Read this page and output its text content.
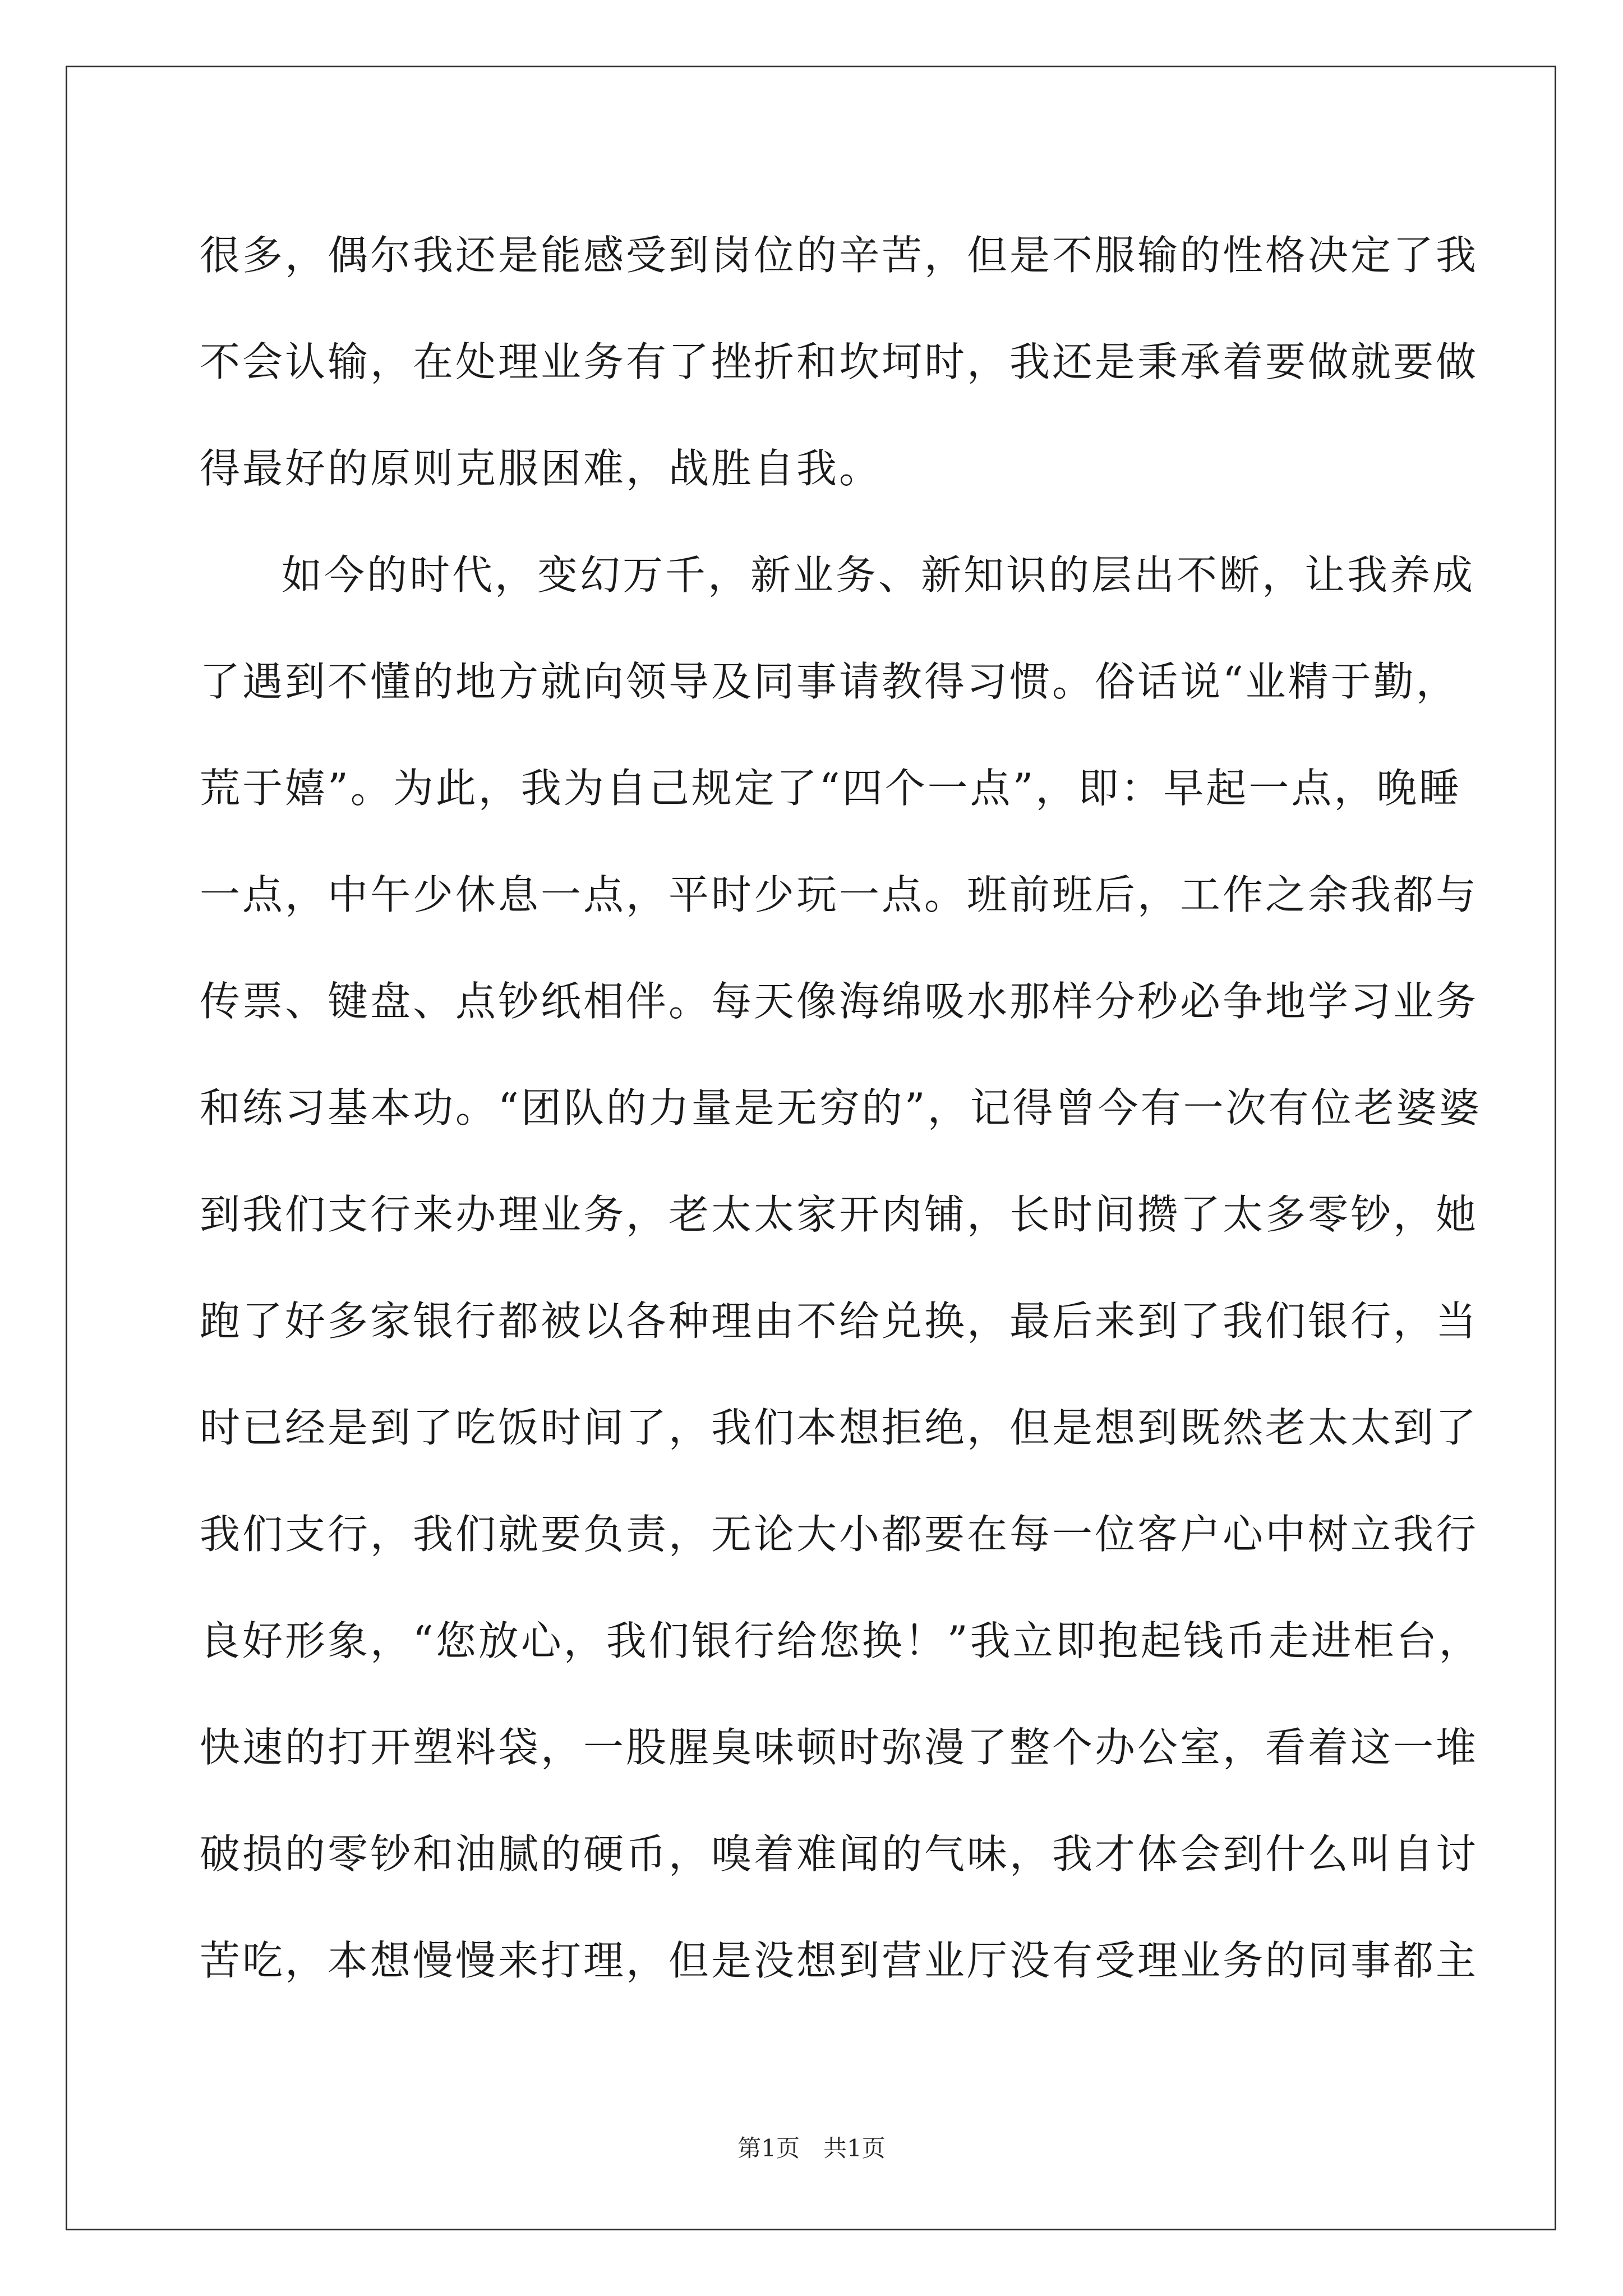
很多，偶尔我还是能感受到岗位的辛苦，但是不服输的性格决定了我
不会认输，在处理业务有了挫折和坎坷时，我还是秉承着要做就要做
得最好的原则克服困难，战胜自我。
如今的时代，变幻万千，新业务、新知识的层出不断，让我养成
了遇到不懂的地方就向领导及同事请教得习惯。俗话说“业精于勤，
荒于嬉”。为此，我为自己规定了“四个一点”，即：早起一点，晚睡
一点，中午少休息一点，平时少玩一点。班前班后，工作之余我都与
传票、键盘、点钞纸相伴。每天像海绵吸水那样分秒必争地学习业务
和练习基本功。“团队的力量是无穷的”，记得曾今有一次有位老婆婆
到我们支行来办理业务，老太太家开肉铺，长时间攒了太多零钞，她
跑了好多家银行都被以各种理由不给兑换，最后来到了我们银行，当
时已经是到了吃饭时间了，我们本想拒绝，但是想到既然老太太到了
我们支行，我们就要负责，无论大小都要在每一位客户心中树立我行
良好形象，“您放心，我们银行给您换！”我立即抱起钱币走进柜台，
快速的打开塑料袋，一股腥臭味顿时弥漫了整个办公室，看着这一堆
破损的零钞和油腻的硬币，嗅着难闻的气味，我才体会到什么叫自讨
苦吃，本想慢慢来打理，但是没想到营业厅没有受理业务的同事都主
第1页　共1页
